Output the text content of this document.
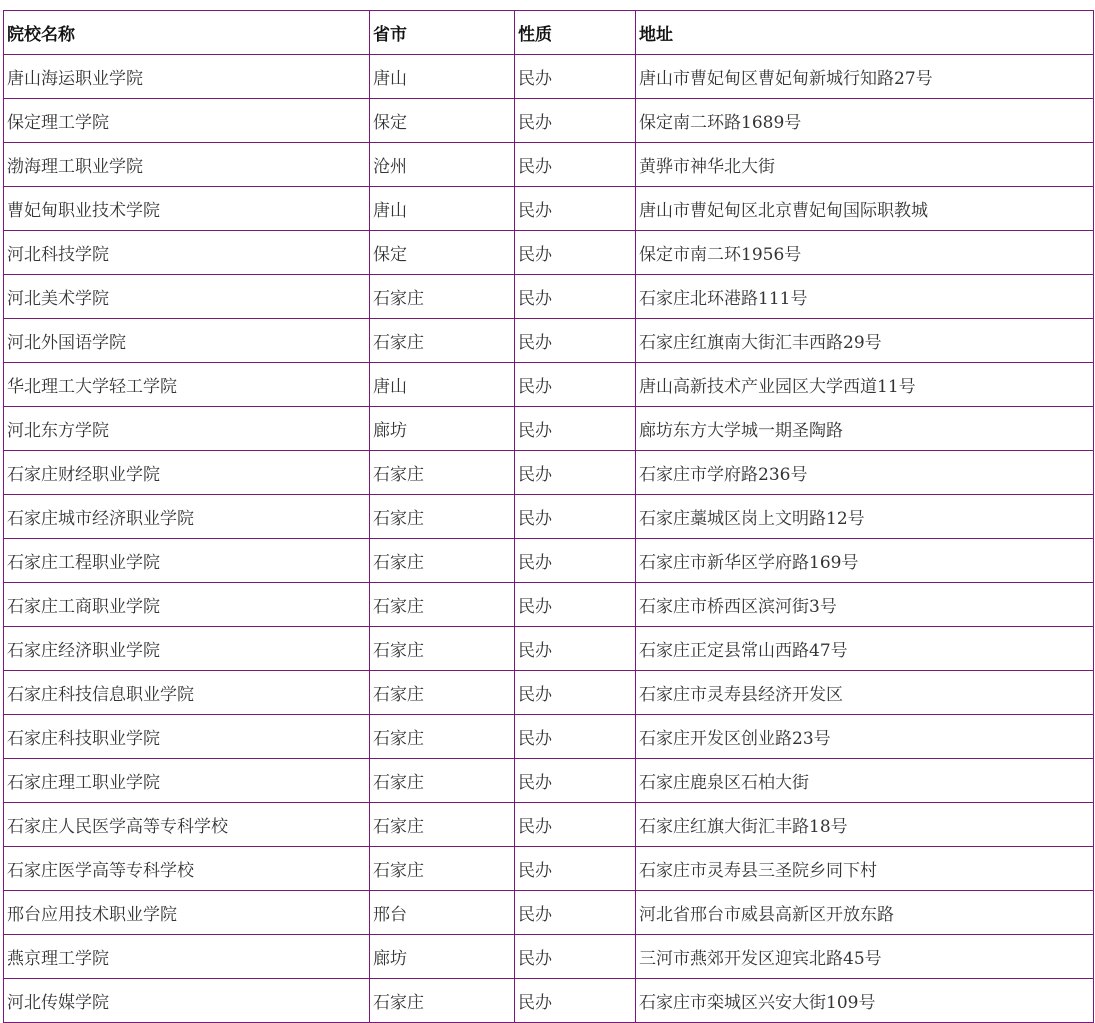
院校名称	省市	性质	地址
唐山海运职业学院	唐山	民办	唐山市曹妃甸区曹妃甸新城行知路27号
保定理工学院	保定	民办	保定南二环路1689号
渤海理工职业学院	沧州	民办	黄骅市神华北大街
曹妃甸职业技术学院	唐山	民办	唐山市曹妃甸区北京曹妃甸国际职教城
河北科技学院	保定	民办	保定市南二环1956号
河北美术学院	石家庄	民办	石家庄北环港路111号
河北外国语学院	石家庄	民办	石家庄红旗南大街汇丰西路29号
华北理工大学轻工学院	唐山	民办	唐山高新技术产业园区大学西道11号
河北东方学院	廊坊	民办	廊坊东方大学城一期圣陶路
石家庄财经职业学院	石家庄	民办	石家庄市学府路236号
石家庄城市经济职业学院	石家庄	民办	石家庄藁城区岗上文明路12号
石家庄工程职业学院	石家庄	民办	石家庄市新华区学府路169号
石家庄工商职业学院	石家庄	民办	石家庄市桥西区滨河街3号
石家庄经济职业学院	石家庄	民办	石家庄正定县常山西路47号
石家庄科技信息职业学院	石家庄	民办	石家庄市灵寿县经济开发区
石家庄科技职业学院	石家庄	民办	石家庄开发区创业路23号
石家庄理工职业学院	石家庄	民办	石家庄鹿泉区石柏大街
石家庄人民医学高等专科学校	石家庄	民办	石家庄红旗大街汇丰路18号
石家庄医学高等专科学校	石家庄	民办	石家庄市灵寿县三圣院乡同下村
邢台应用技术职业学院	邢台	民办	河北省邢台市威县高新区开放东路
燕京理工学院	廊坊	民办	三河市燕郊开发区迎宾北路45号
河北传媒学院	石家庄	民办	石家庄市栾城区兴安大街109号
